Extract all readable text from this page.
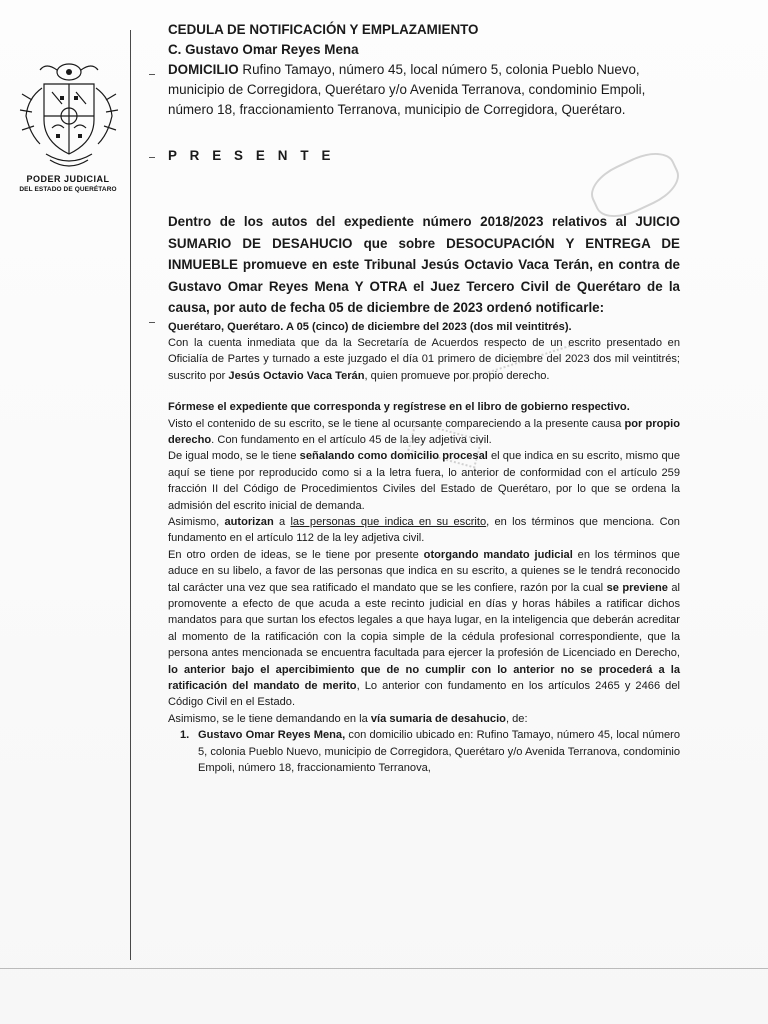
PODER JUDICIAL
DEL ESTADO DE QUERÉTARO
CEDULA DE NOTIFICACIÓN Y EMPLAZAMIENTO
C. Gustavo Omar Reyes Mena
DOMICILIO Rufino Tamayo, número 45, local número 5, colonia Pueblo Nuevo, municipio de Corregidora, Querétaro y/o Avenida Terranova, condominio Empoli, número 18, fraccionamiento Terranova, municipio de Corregidora, Querétaro.
P R E S E N T E
Dentro de los autos del expediente número 2018/2023 relativos al JUICIO SUMARIO DE DESAHUCIO que sobre DESOCUPACIÓN Y ENTREGA DE INMUEBLE promueve en este Tribunal Jesús Octavio Vaca Terán, en contra de Gustavo Omar Reyes Mena Y OTRA el Juez Tercero Civil de Querétaro de la causa, por auto de fecha 05 de diciembre de 2023 ordenó notificarle:

Querétaro, Querétaro. A 05 (cinco) de diciembre del 2023 (dos mil veintitrés).

Con la cuenta inmediata que da la Secretaría de Acuerdos respecto de un escrito presentado en Oficialía de Partes y turnado a este juzgado el día 01 primero de diciembre del 2023 dos mil veintitrés; suscrito por Jesús Octavio Vaca Terán, quien promueve por propio derecho.

Fórmese el expediente que corresponda y regístrese en el libro de gobierno respectivo.

Visto el contenido de su escrito, se le tiene al ocursante compareciendo a la presente causa por propio derecho. Con fundamento en el artículo 45 de la ley adjetiva civil.

De igual modo, se le tiene señalando como domicilio procesal el que indica en su escrito, mismo que aquí se tiene por reproducido como si a la letra fuera, lo anterior de conformidad con el artículo 259 fracción II del Código de Procedimientos Civiles del Estado de Querétaro, por lo que se ordena la admisión del escrito inicial de demanda.

Asimismo, autorizan a las personas que indica en su escrito, en los términos que menciona. Con fundamento en el artículo 112 de la ley adjetiva civil.

En otro orden de ideas, se le tiene por presente otorgando mandato judicial en los términos que aduce en su libelo, a favor de las personas que indica en su escrito, a quienes se le tendrá reconocido tal carácter una vez que sea ratificado el mandato que se les confiere, razón por la cual se previene al promovente a efecto de que acuda a este recinto judicial en días y horas hábiles a ratificar dichos mandatos para que surtan los efectos legales a que haya lugar, en la inteligencia que deberán acreditar al momento de la ratificación con la copia simple de la cédula profesional correspondiente, que la persona antes mencionada se encuentra facultada para ejercer la profesión de Licenciado en Derecho, lo anterior bajo el apercibimiento que de no cumplir con lo anterior no se procederá a la ratificación del mandato de merito, Lo anterior con fundamento en los artículos 2465 y 2466 del Código Civil en el Estado.

Asimismo, se le tiene demandando en la vía sumaria de desahucio, de:

1. Gustavo Omar Reyes Mena, con domicilio ubicado en: Rufino Tamayo, número 45, local número 5, colonia Pueblo Nuevo, municipio de Corregidora, Querétaro y/o Avenida Terranova, condominio Empoli, número 18, fraccionamiento Terranova,
